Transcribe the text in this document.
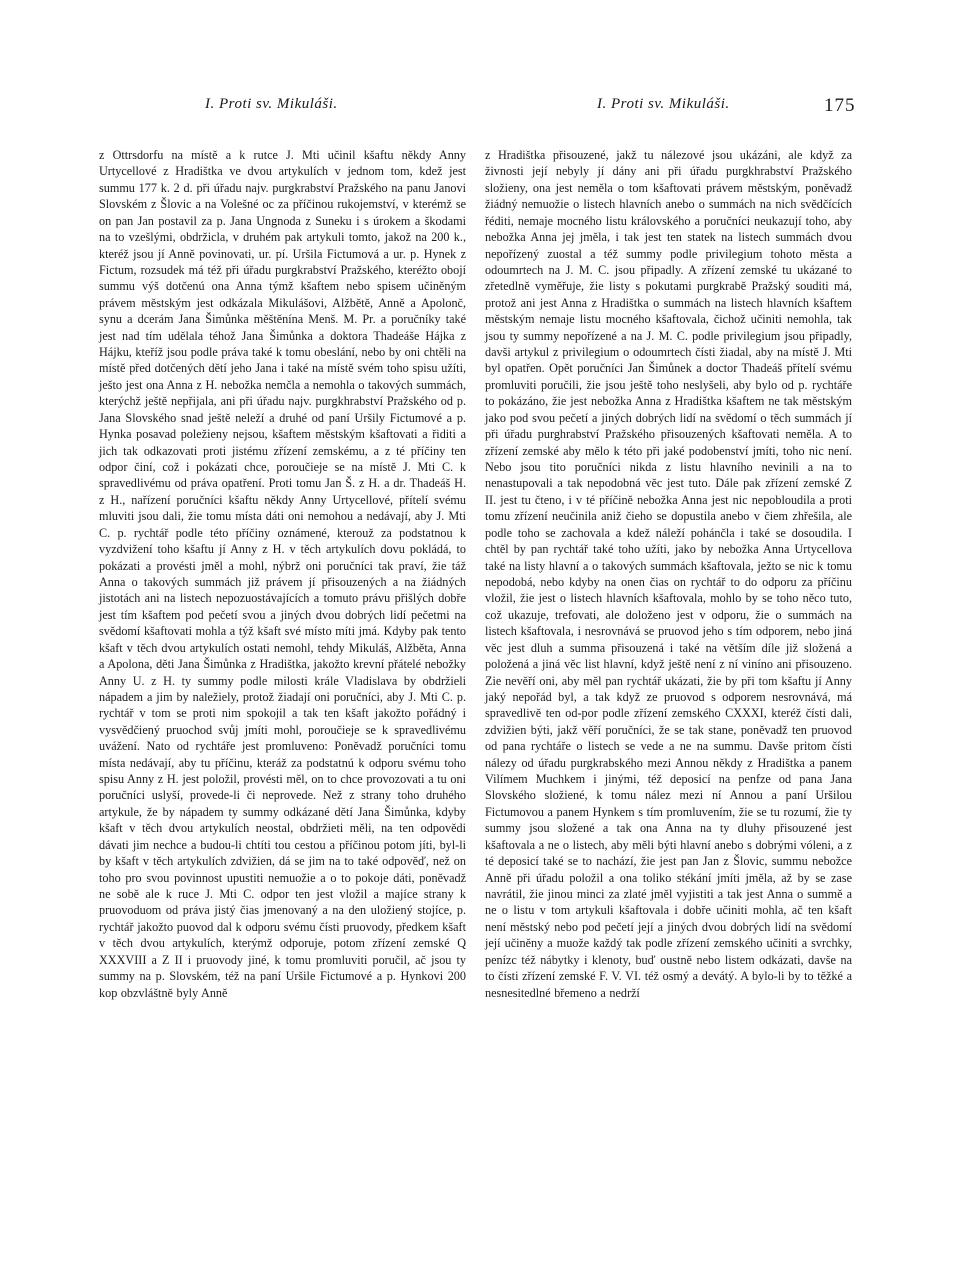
I. Proti sv. Mikuláši.	I. Proti sv. Mikuláši.	175

z Ottrsdorfu na místě a k rutce J. Mti učinil kšaftu někdy Anny Urtycellové z Hradištka ve dvou artykulích v jednom tom, kdež jest summu 177 k. 2 d. při úřadu najv. purgkrabství Pražského na panu Janovi Slovském z Šlovic a na Volešné oc za příčinou rukojemství, v kterémž se on pan Jan postavil za p. Jana Ungnoda z Suneku i s úrokem a škodami na to vzešlými, obdržicla, v druhém pak artykuli tomto, jakož na 200 k., kteréž jsou jí Anně povinovati, ur. pí. Uršila Fictumová a ur. p. Hynek z Fictum, rozsudek má též při úřadu purgkrabství Pražského, kteréžto obojí summu výš dotčenú ona Anna týmž kšaftem nebo spisem učiněným právem městským jest odkázala Mikulášovi, Alžbětě, Anně a Apolonč, synu a dcerám Jana Šimůnka měštěnína Menš. M. Pr. a poručníky také jest nad tím udělala téhož Jana Šimůnka a doktora Thadeáše Hájka z Hájku, kteříž jsou podle práva také k tomu obeslání, nebo by oni chtěli na místě před dotčených dětí jeho Jana i také na místě svém toho spisu užíti, ješto jest ona Anna z H. nebožka nemčla a nemohla o takových summách, kterýchž ještě nepřijala, ani při úřadu najv. purgkhrabství Pražského od p. Jana Slovského snad ještě neleží a druhé od paní Uršily Fictumové a p. Hynka posavad poležieny nejsou, kšaftem městským kšaftovati a řiditi a jich tak odkazovati proti jistému zřízení zemskému, a z té příčiny ten odpor činí, což i pokázati chce, poroučieje se na místě J. Mti C. k spravedlivému od práva opatření. Proti tomu Jan Š. z H. a dr. Thadeáš H. z H., nařízení poručníci kšaftu někdy Anny Urtycellové, přítelí svému mluviti jsou dali, žie tomu místa dáti oni nemohou a nedávají, aby J. Mti C. p. rychtář podle této příčiny oznámené, kterouž za podstatnou k vyzdvižení toho kšaftu jí Anny z H. v těch artykulích dovu pokládá, to pokázati a provésti jměl a mohl, nýbrž oni poručníci tak praví, žie táž Anna o takových summách již právem jí přisouzených a na žiádných jistotách ani na listech nepozuostávajících a tomuto právu přišlých dobře jest tím kšaftem pod pečetí svou a jiných dvou dobrých lidí pečetmi na svědomí kšaftovati mohla a týž kšaft své místo míti jmá. Kdyby pak tento kšaft v těch dvou artykulích ostati nemohl, tehdy Mikuláš, Alžběta, Anna a Apolona, děti Jana Šimůnka z Hradištka, jakožto krevní přátelé nebožky Anny U. z H. ty summy podle milosti krále Vladislava by obdržieli nápadem a jim by naležiely, protož žiadají oni poručníci, aby J. Mti C. p. rychtář v tom se proti nim spokojil a tak ten kšaft jakožto pořádný i vysvědčiený pruochod svůj jmíti mohl, poroučieje se k spravedlivému uvážení. Nato od rychtáře jest promluveno: Poněvadž poručníci tomu místa nedávají, aby tu příčinu, kteráž za podstatnú k odporu svému toho spisu Anny z H. jest položil, provésti měl, on to chce provozovati a tu oni poručníci uslyší, provede-li či neprovede. Než z strany toho druhého artykule, že by nápadem ty summy odkázané dětí Jana Šimůnka, kdyby kšaft v těch dvou artykulích neostal, obdržieti měli, na ten odpovědi dávati jim nechce a budou-li chtíti tou cestou a příčinou potom jíti, byl-li by kšaft v těch artykulích zdvižien, dá se jim na to také odpověď, než on toho pro svou povinnost upustiti nemuožie a o to pokoje dáti, poněvadž ne sobě ale k ruce J. Mti C. odpor ten jest vložil a majíce strany k pruovoduom od práva jistý čias jmenovaný a na den uložiený stojíce, p. rychtář jakožto puovod dal k odporu svému čísti pruovody, předkem kšaft v těch dvou artykulích, kterýmž odporuje, potom zřízení zemské Q XXXVIII a Z II i pruovody jiné, k tomu promluviti poručil, ač jsou ty summy na p. Slovském, též na paní Uršile Fictumové a p. Hynkovi 200 kop obzvláštně byly Anně

z Hradištka přisouzené, jakž tu nálezové jsou ukázáni, ale když za živnosti její nebyly jí dány ani při úřadu purgkhrabství Pražského složieny, ona jest neměla o tom kšaftovati právem městským, poněvadž žiádný nemuožie o listech hlavních anebo o summách na nich svědčících řéditi, nemaje mocného listu královského a poručníci neukazují toho, aby nebožka Anna jej jměla, i tak jest ten statek na listech summách dvou nepořízený zuostal a též summy podle privilegium tohoto města a odoumrtech na J. M. C. jsou připadly. A zřízení zemské tu ukázané to zřetedlně vyměřuje, žie listy s pokutami purgkrabě Pražský souditi má, protož ani jest Anna z Hradištka o summách na listech hlavních kšaftem městským nemaje listu mocného kšaftovala, čichož učiniti nemohla, tak jsou ty summy nepořízené a na J. M. C. podle privilegium jsou připadly, davši artykul z privilegium o odoumrtech čísti žiadal, aby na místě J. Mti byl opatřen. Opět poručníci Jan Šimůnek a doctor Thadeáš přítelí svému promluviti poručili, žie jsou ještě toho neslyšeli, aby bylo od p. rychtáře to pokázáno, žie jest nebožka Anna z Hradištka kšaftem ne tak městským jako pod svou pečetí a jiných dobrých lidí na svědomí o těch summách jí při úřadu purghrabství Pražského přisouzených kšaftovati neměla. A to zřízení zemské aby mělo k této při jaké podobenství jmíti, toho nic není. Nebo jsou tito poručníci nikda z listu hlavního nevinili a na to nenastupovali a tak nepodobná věc jest tuto. Dále pak zřízení zemské Z II. jest tu čteno, i v té příčině nebožka Anna jest nic nepobloudila a proti tomu zřízení neučinila aniž čieho se dopustila anebo v čiem zhřešila, ale podle toho se zachovala a kdež náleží pohánčla i také se dosoudila. I chtěl by pan rychtář také toho užíti, jako by nebožka Anna Urtycellova také na listy hlavní a o takových summách kšaftovala, ježto se nic k tomu nepodobá, nebo kdyby na onen čias on rychtář to do odporu za příčinu vložil, žie jest o listech hlavních kšaftovala, mohlo by se toho něco tuto, což ukazuje, trefovati, ale doloženo jest v odporu, žie o summách na listech kšaftovala, i nesrovnává se pruovod jeho s tím odporem, nebo jiná věc jest dluh a summa přisouzená i také na větším díle již složená a položená a jiná věc list hlavní, když ještě není z ní viníno ani přisouzeno. Zie nevěří oni, aby měl pan rychtář ukázati, žie by při tom kšaftu jí Anny jaký nepořád byl, a tak když ze pruovod s odporem nesrovnává, má spravedlivě ten od-por podle zřízení zemského CXXXI, kteréž čísti dali, zdvižien býti, jakž věří poručníci, že se tak stane, poněvadž ten pruovod od pana rychtáře o listech se vede a ne na summu. Davše pritom čísti nálezy od úřadu purgkrabského mezi Annou někdy z Hradištka a panem Vilímem Muchkem i jinými, též deposicí na penfze od pana Jana Slovského složiené, k tomu nález mezi ní Annou a paní Uršilou Fictumovou a panem Hynkem s tím promluvením, žie se tu rozumí, žie ty summy jsou složené a tak ona Anna na ty dluhy přisouzené jest kšaftovala a ne o listech, aby měli býti hlavní anebo s dobrými vóleni, a z té deposicí také se to nachází, žie jest pan Jan z Šlovic, summu nebožce Anně při úřadu položil a ona toliko stékání jmíti jměla, až by se zase navrátil, žie jinou minci za zlaté jměl vyjistiti a tak jest Anna o summě a ne o listu v tom artykuli kšaftovala i dobře učiniti mohla, ač ten kšaft není městský nebo pod pečetí její a jiných dvou dobrých lidí na svědomí její učiněny a muože každý tak podle zřízení zemského učiniti a svrchky, penízc též nábytky i klenoty, buď oustně nebo listem odkázati, davše na to čísti zřízení zemské F. V. VI. též osmý a devátý. A bylo-li by to těžké a nesnesitedlné břemeno a nedrží
